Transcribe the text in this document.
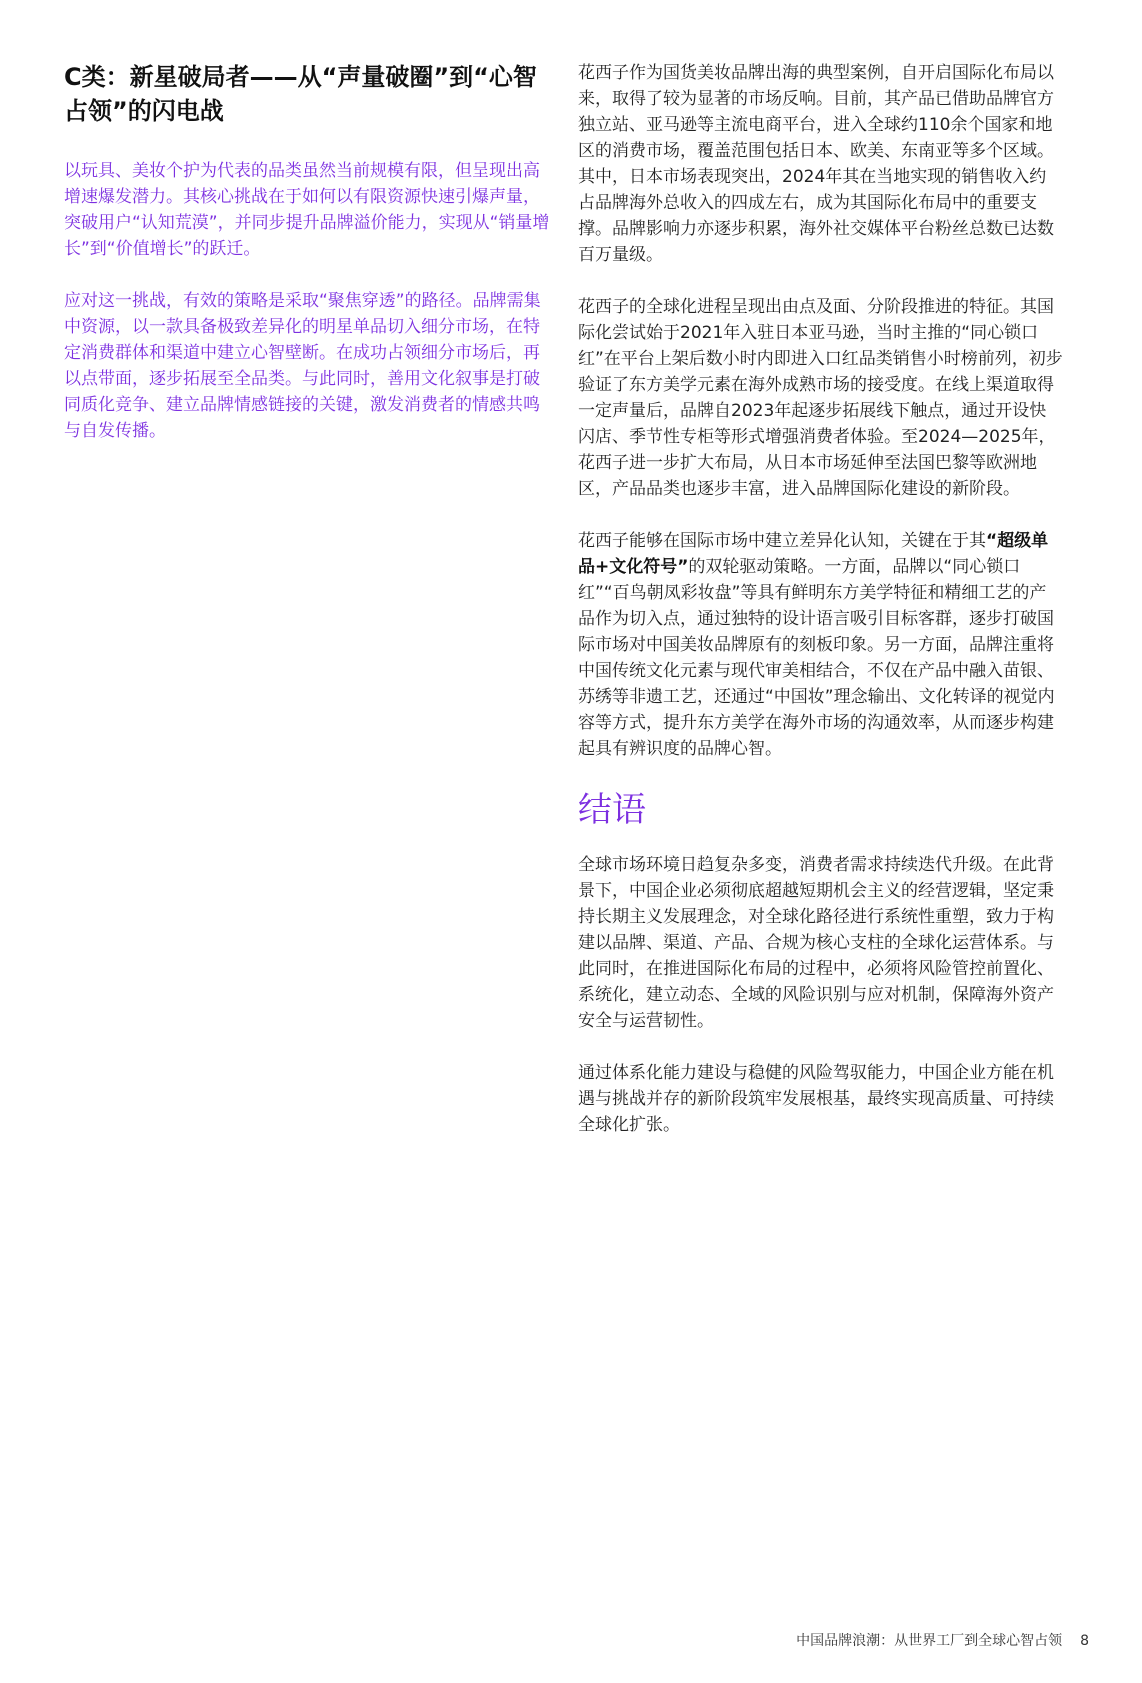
C类：新星破局者——从“声量破圈”到“心智占领”的闪电战

以玩具、美妆个护为代表的品类虽然当前规模有限，但呈现出高增速爆发潜力。其核心挑战在于如何以有限资源快速引爆声量，突破用户“认知荒漠”，并同步提升品牌溢价能力，实现从“销量增长”到“价值增长”的跃迁。

应对这一挑战，有效的策略是采取“聚焦穿透”的路径。品牌需集中资源，以一款具备极致差异化的明星单品切入细分市场，在特定消费群体和渠道中建立心智壁断。在成功占领细分市场后，再以点带面，逐步拓展至全品类。与此同时，善用文化叙事是打破同质化竞争、建立品牌情感链接的关键，激发消费者的情感共鸣与自发传播。

花西子作为国货美妆品牌出海的典型案例，自开启国际化布局以来，取得了较为显著的市场反响。目前，其产品已借助品牌官方独立站、亚马逊等主流电商平台，进入全球约110余个国家和地区的消费市场，覆盖范围包括日本、欧美、东南亚等多个区域。其中，日本市场表现突出，2024年其在当地实现的销售收入约占品牌海外总收入的四成左右，成为其国际化布局中的重要支撑。品牌影响力亦逐步积累，海外社交媒体平台粉丝总数已达数百万量级。

花西子的全球化进程呈现出由点及面、分阶段推进的特征。其国际化尝试始于2021年入驻日本亚马逊，当时主推的“同心锁口红”在平台上架后数小时内即进入口红品类销售小时榜前列，初步验证了东方美学元素在海外成熟市场的接受度。在线上渠道取得一定声量后，品牌自2023年起逐步拓展线下触点，通过开设快闪店、季节性专柜等形式增强消费者体验。至2024—2025年，花西子进一步扩大布局，从日本市场延伸至法国巴黎等欧洲地区，产品品类也逐步丰富，进入品牌国际化建设的新阶段。

花西子能够在国际市场中建立差异化认知，关键在于其“超级单品+文化符号”的双轮驱动策略。一方面，品牌以“同心锁口红”“百鸟朝凤彩妆盘”等具有鲜明东方美学特征和精细工艺的产品作为切入点，通过独特的设计语言吸引目标客群，逐步打破国际市场对中国美妆品牌原有的刻板印象。另一方面，品牌注重将中国传统文化元素与现代审美相结合，不仅在产品中融入苗银、苏绣等非遗工艺，还通过“中国妆”理念输出、文化转译的视觉内容等方式，提升东方美学在海外市场的沟通效率，从而逐步构建起具有辨识度的品牌心智。

结语

全球市场环境日趋复杂多变，消费者需求持续迭代升级。在此背景下，中国企业必须彻底超越短期机会主义的经营逻辑，坚定秉持长期主义发展理念，对全球化路径进行系统性重塑，致力于构建以品牌、渠道、产品、合规为核心支柱的全球化运营体系。与此同时，在推进国际化布局的过程中，必须将风险管控前置化、系统化，建立动态、全域的风险识别与应对机制，保障海外资产安全与运营韧性。

通过体系化能力建设与稳健的风险驾驭能力，中国企业方能在机遇与挑战并存的新阶段筑牢发展根基，最终实现高质量、可持续全球化扩张。

中国品牌浪潮：从世界工厂到全球心智占领 8
